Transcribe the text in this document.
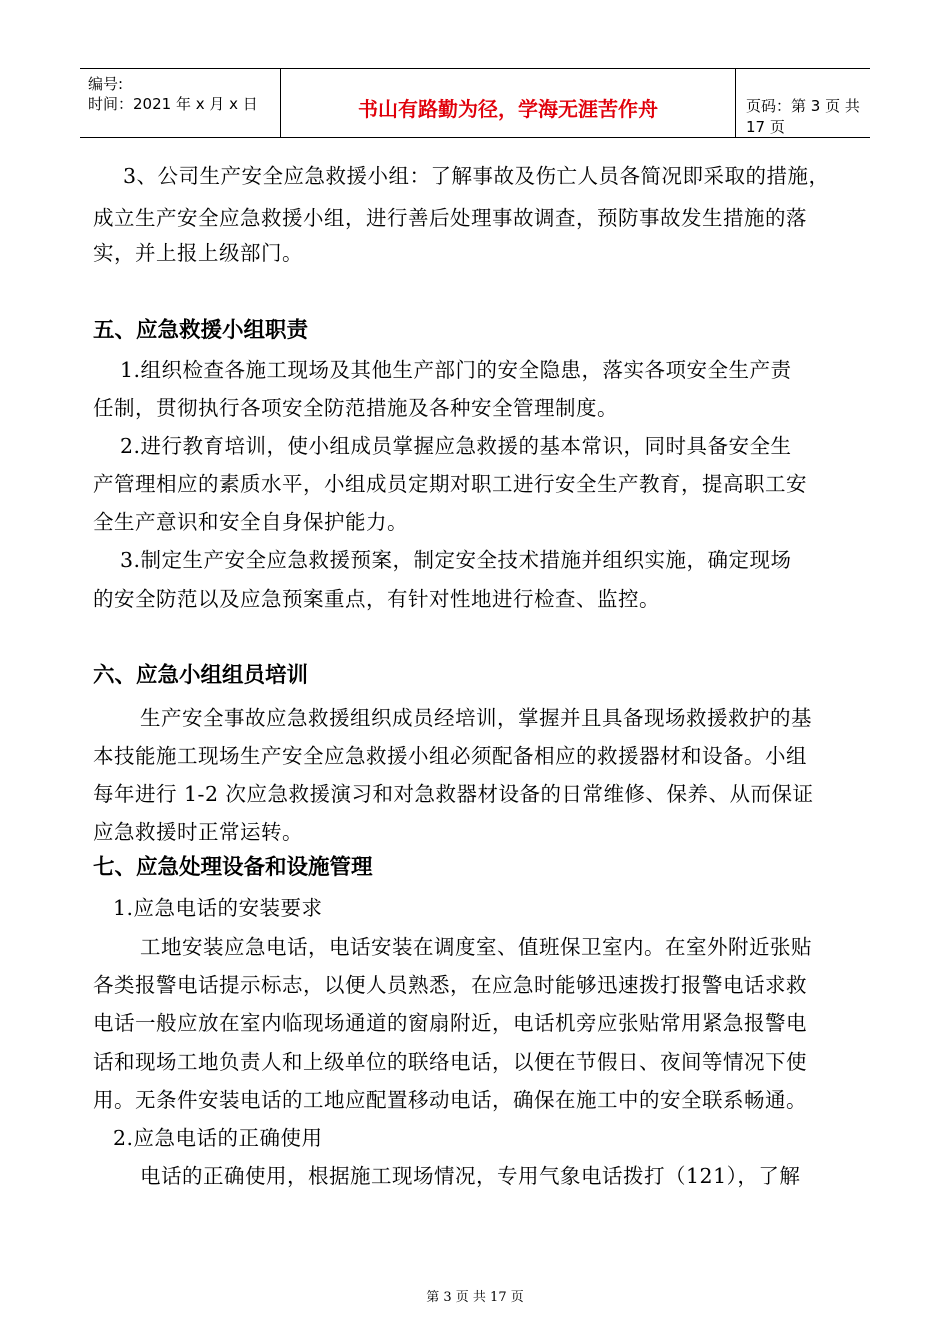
编号:
时间：2021 年 x 月 x 日	书山有路勤为径，学海无涯苦作舟	页码：第 3 页 共 17 页
3、公司生产安全应急救援小组：了解事故及伤亡人员各简况即采取的措施，
成立生产安全应急救援小组，进行善后处理事故调查，预防事故发生措施的落
实，并上报上级部门。
五、应急救援小组职责
1.组织检查各施工现场及其他生产部门的安全隐患，落实各项安全生产责
任制，贯彻执行各项安全防范措施及各种安全管理制度。
2.进行教育培训，使小组成员掌握应急救援的基本常识，同时具备安全生
产管理相应的素质水平，小组成员定期对职工进行安全生产教育，提高职工安
全生产意识和安全自身保护能力。
3.制定生产安全应急救援预案，制定安全技术措施并组织实施，确定现场
的安全防范以及应急预案重点，有针对性地进行检查、监控。
六、应急小组组员培训
生产安全事故应急救援组织成员经培训，掌握并且具备现场救援救护的基
本技能施工现场生产安全应急救援小组必须配备相应的救援器材和设备。小组
每年进行 1-2 次应急救援演习和对急救器材设备的日常维修、保养、从而保证
应急救援时正常运转。
七、应急处理设备和设施管理
1.应急电话的安装要求
工地安装应急电话，电话安装在调度室、值班保卫室内。在室外附近张贴
各类报警电话提示标志，以便人员熟悉，在应急时能够迅速拨打报警电话求救
电话一般应放在室内临现场通道的窗扇附近，电话机旁应张贴常用紧急报警电
话和现场工地负责人和上级单位的联络电话，以便在节假日、夜间等情况下使
用。无条件安装电话的工地应配置移动电话，确保在施工中的安全联系畅通。
2.应急电话的正确使用
电话的正确使用，根据施工现场情况，专用气象电话拨打（121），了解
第 3 页 共 17 页
